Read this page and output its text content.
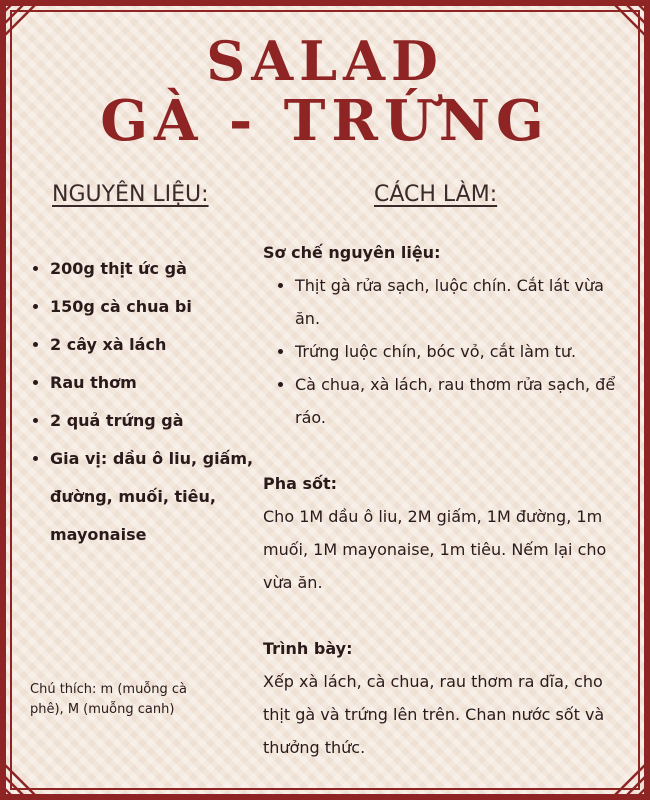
SALAD
GÀ - TRỨNG
NGUYÊN LIỆU:	CÁCH LÀM:
• 200g thịt ức gà
• 150g cà chua bi
• 2 cây xà lách
• Rau thơm
• 2 quả trứng gà
• Gia vị: dầu ô liu, giấm, đường, muối, tiêu, mayonaise

Chú thích: m (muỗng cà phê), M (muỗng canh)

Sơ chế nguyên liệu:
• Thịt gà rửa sạch, luộc chín. Cắt lát vừa ăn.
• Trứng luộc chín, bóc vỏ, cắt làm tư.
• Cà chua, xà lách, rau thơm rửa sạch, để ráo.
Pha sốt:

Cho 1M dầu ô liu, 2M giấm, 1M đường, 1m muối, 1M mayonaise, 1m tiêu. Nếm lại cho vừa ăn.

Trình bày:

Xếp xà lách, cà chua, rau thơm ra dĩa, cho thịt gà và trứng lên trên. Chan nước sốt và thưởng thức.
